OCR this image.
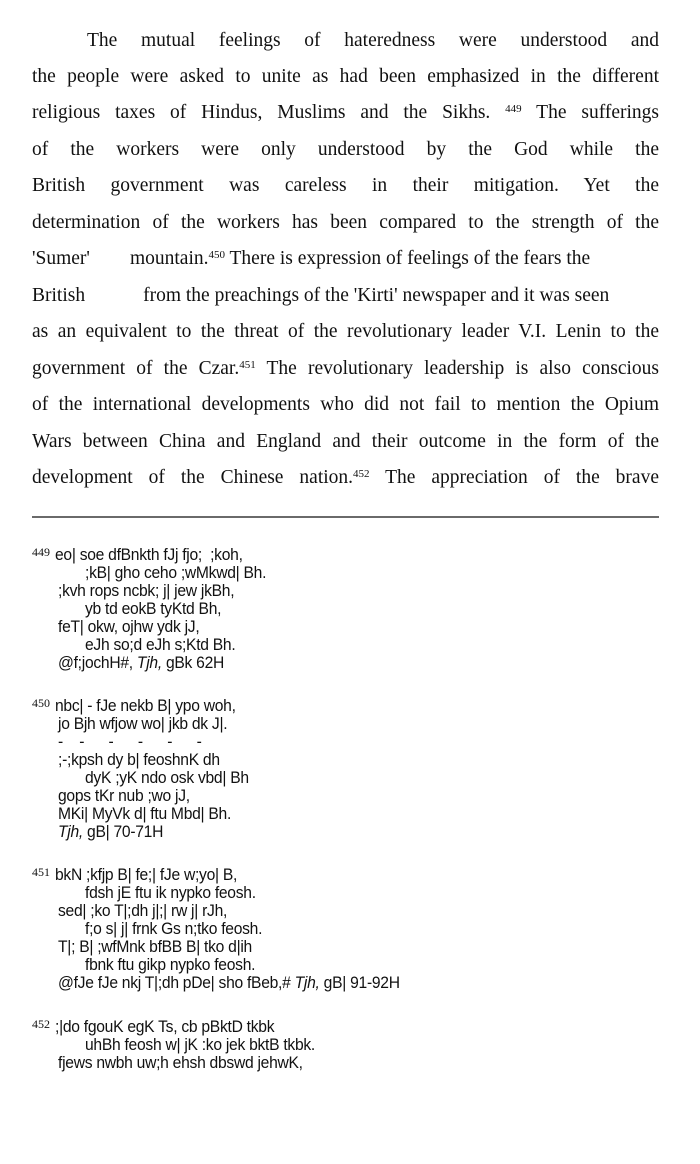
The mutual feelings of hateredness were understood and
the people were asked to unite as had been emphasized in the different
religious taxes of Hindus, Muslims and the Sikhs. $^{449}$ The sufferings
of the workers were only understood by the God while the
British government was careless in their mitigation. Yet the
determination of the workers has been compared to the strength of the
'Sumer' mountain.$^{450}$ There is expression of feelings of the fears the
British	from the preachings of the 'Kirti' newspaper and it was seen
as an equivalent to the threat of the revolutionary leader V.I. Lenin to the
government of the Czar.$^{451}$ The revolutionary leadership is also conscious
of the international developments who did not fail to mention the Opium
Wars between China and England and their outcome in the form of the
development of the Chinese nation.$^{452}$ The appreciation of the brave
449 eo| soe dfBnkth fJj fjo;  ;koh,
;kB| gho ceho ;wMkwd| Bh.
;kvh rops ncbk; j| jew jkBh,
yb td eokB tyKtd Bh,
feT| okw, ojhw ydk jJ,
eJh so;d eJh s;Ktd Bh.
@f;jochH#, Tjh, gBk 62H
450 nbc| - fJe nekb B| ypo woh,
jo Bjh wfjow wo| jkb dk J|.
-    -      -      -      -      -
;-;kpsh dy b| feoshnK dh
dyK ;yK ndo osk vbd| Bh
gops tKr nub ;wo jJ,
MKi| MyVk d| ftu Mbd| Bh.
Tjh, gB| 70-71H
451 bkN ;kfjp B| fe;| fJe w;yo| B,
fdsh jE ftu ik nypko feosh.
sed| ;ko T|;dh j|;| rw j| rJh,
f;o s| j| frnk Gs n;tko feosh.
T|; B| ;wfMnk bfBB B| tko d|ih
fbnk ftu gikp nypko feosh.
@fJe fJe nkj T|;dh pDe| sho fBeb,# Tjh, gB| 91-92H
452 ;|do fgouK egK Ts, cb pBktD tkbk
uhBh feosh w| jK :ko jek bktB tkbk.
fjews nwbh uw;h ehsh dbswd jehwK,
